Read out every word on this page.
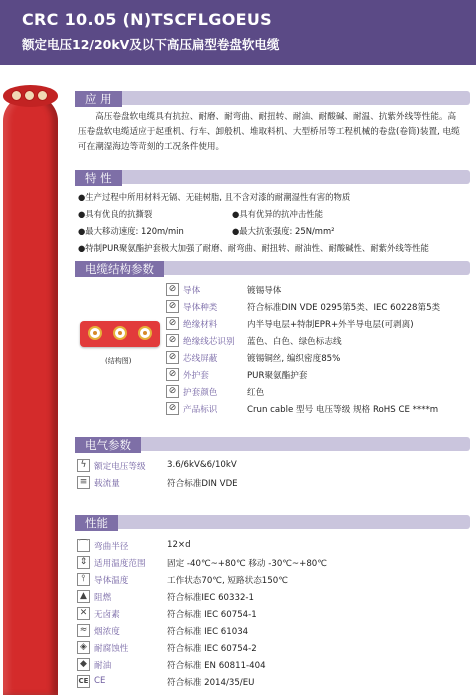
CRC 10.05 (N)TSCFLGOEUS
额定电压12/20kV及以下高压扁型卷盘软电缆
应 用
高压卷盘软电缆具有抗拉、耐磨、耐弯曲、耐扭转、耐油、耐酸碱、耐温、抗紫外线等性能。高压卷盘软电缆适应于起重机、行车、卸般机、堆取料机、大型桥吊等工程机械的卷盘(卷筒)装置, 电缆可在潮湿海边等苛刻的工况条件使用。
特 性
●生产过程中所用材料无镉、无硅树脂, 且不含对漆的耐潮湿性有害的物质
●具有优良的抗撕裂	●具有优异的抗冲击性能
●最大移动速度: 120m/min	●最大抗张强度: 25N/mm²
●特制PUR聚氨酯护套极大加强了耐磨、耐弯曲、耐扭转、耐油性、耐酸碱性、耐紫外线等性能
电缆结构参数
(结构图)
⊘ 导体	镀锡导体
⊘ 导体种类	符合标准DIN VDE 0295第5类、IEC 60228第5类
⊘ 绝缘材料	内半导电层+特制EPR+外半导电层(可剥离)
⊘ 绝缘线芯识别 蓝色、白色、绿色标志线
⊘ 芯线屏蔽	镀锡铜丝, 编织密度85%
⊘ 外护套	PUR聚氨酯护套
⊘ 护套颜色	红色
⊘ 产品标识	Crun cable 型号 电压等级 规格 RoHS CE ****m
电气参数
ϟ 额定电压等级 3.6/6kV&6/10kV
≡ 载流量	符合标准DIN VDE
性能
⌒ 弯曲半径	12×d
⇕ 适用温度范围 固定 -40℃~+80℃ 移动 -30℃~+80℃
⫯ 导体温度	工作状态70℃, 短路状态150℃
▲ 阻燃	符合标准IEC 60332-1
✕ 无卤素	符合标准 IEC 60754-1
≈ 烟浓度	符合标准 IEC 61034
◈ 耐腐蚀性	符合标准 IEC 60754-2
◆ 耐油	符合标准 EN 60811-404
CE CE	符合标准 2014/35/EU
